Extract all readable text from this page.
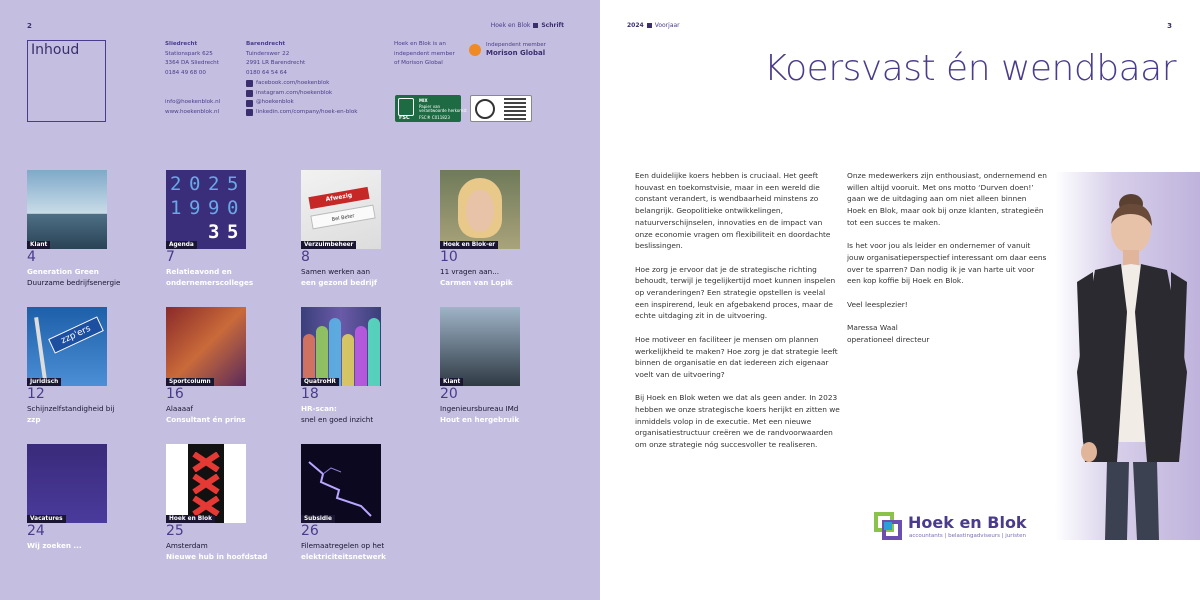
2	Hoek en Blok Schrift
Inhoud	Sliedrecht
Stationspark 625
3364 DA Sliedrecht
0184 49 68 00
info@hoekenblok.nl
www.hoekenblok.nl
Barendrecht
Tuinderswег 22
2991 LR Barendrecht
0180 64 54 64
facebook.com/hoekenblok
instagram.com/hoekenblok
@hoekenblok
linkedin.com/company/hoek-en-blok
Hoek en Blok is an
independent member
of Morison Global
Independent member
Morison Global
FSC
MIX
Papier van
verantwoorde herkomst
FSC® C011823
Klant
4
Generation Green
Duurzame bedrijfsenergie
2 0 2 5
1 9 9 0
3 5
Agenda
7
Relatieavond en
ondernemerscolleges
Afwezig
Bel Beter
Verzuimbeheer
8
Samen werken aan
een gezond bedrijf
Hoek en Blok-er
10
11 vragen aan...
Carmen van Lopik
zzp'ers
Juridisch
12
Schijnzelfstandigheid bij
zzp
Sportcolumn
16
Alaaaaf
Consultant én prins
QuatroHR
18
HR-scan:
snel en goed inzicht
Klant
20
Ingenieursbureau IMd
Hout en hergebruik
Vacatures
24
Wij zoeken ...
Hoek en Blok
25
Amsterdam
Nieuwe hub in hoofdstad
Subsidie
26
Filemaatregelen op het
elektriciteitsnetwerk
2024 Voorjaar	3
Koersvast én wendbaar

Een duidelijke koers hebben is cruciaal. Het geeft houvast en toekomstvisie, maar in een wereld die constant verandert, is wendbaarheid minstens zo belangrijk. Geopolitieke ontwikkelingen, natuurverschijnselen, innovaties en de impact van onze economie vragen om flexibiliteit en doordachte beslissingen.

Hoe zorg je ervoor dat je de strategische richting behoudt, terwijl je tegelijkertijd moet kunnen inspelen op veranderingen? Een strategie opstellen is veelal een inspirerend, leuk en afgebakend proces, maar de echte uitdaging zit in de uitvoering.

Hoe motiveer en faciliteer je mensen om plannen werkelijkheid te maken? Hoe zorg je dat strategie leeft binnen de organisatie en dat iedereen zich eigenaar voelt van de uitvoering?

Bij Hoek en Blok weten we dat als geen ander. In 2023 hebben we onze strategische koers herijkt en zitten we inmiddels volop in de executie. Met een nieuwe organisatiestructuur creëren we de randvoorwaarden om onze strategie nóg succesvoller te realiseren.

Onze medewerkers zijn enthousiast, ondernemend en willen altijd vooruit. Met ons motto ‘Durven doen!’ gaan we de uitdaging aan om niet alleen binnen Hoek en Blok, maar ook bij onze klanten, strategieën tot een succes te maken.

Is het voor jou als leider en ondernemer of vanuit jouw organisatieperspectief interessant om daar eens over te sparren? Dan nodig ik je van harte uit voor een kop koffie bij Hoek en Blok.

Veel leesplezier!

Maressa Waal
operationeel directeur
Hoek en Blok
accountants | belastingadviseurs | juristen
